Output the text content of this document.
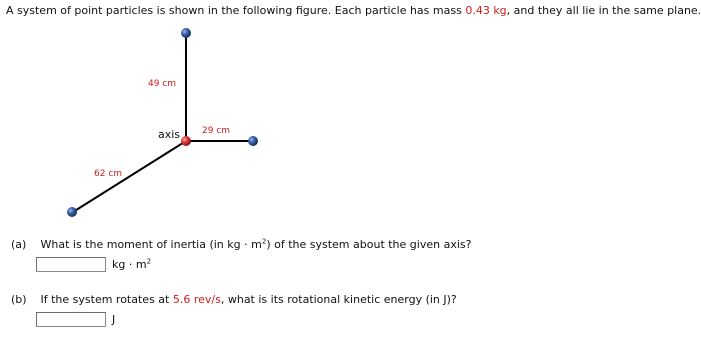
A system of point particles is shown in the following figure. Each particle has mass 0.43 kg, and they all lie in the same plane.
49 cm
29 cm
62 cm
axis
(a) What is the moment of inertia (in kg · $m^2$) of the system about the given axis?
kg · $m^2$
(b) If the system rotates at 5.6 rev/s, what is its rotational kinetic energy (in J)?
J
